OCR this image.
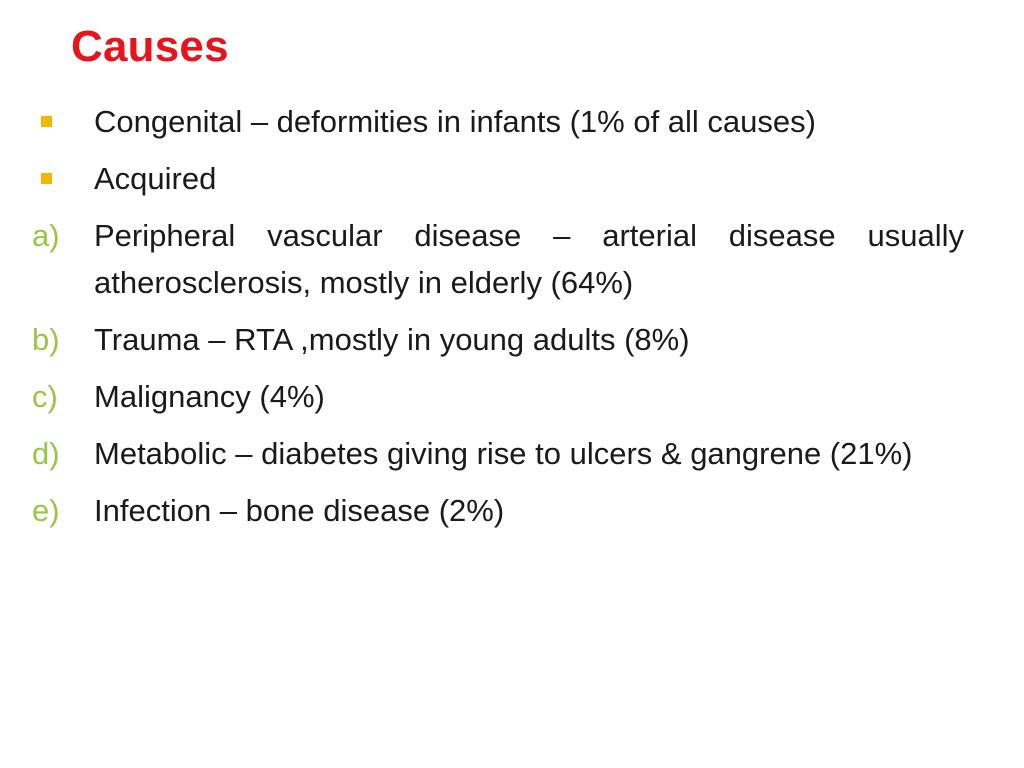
Causes
Congenital – deformities in infants (1% of all causes)
Acquired
a) Peripheral vascular disease – arterial disease usually atherosclerosis, mostly in elderly (64%)
b) Trauma – RTA ,mostly in young adults (8%)
c) Malignancy (4%)
d) Metabolic – diabetes giving rise to ulcers & gangrene (21%)
e) Infection – bone disease (2%)
